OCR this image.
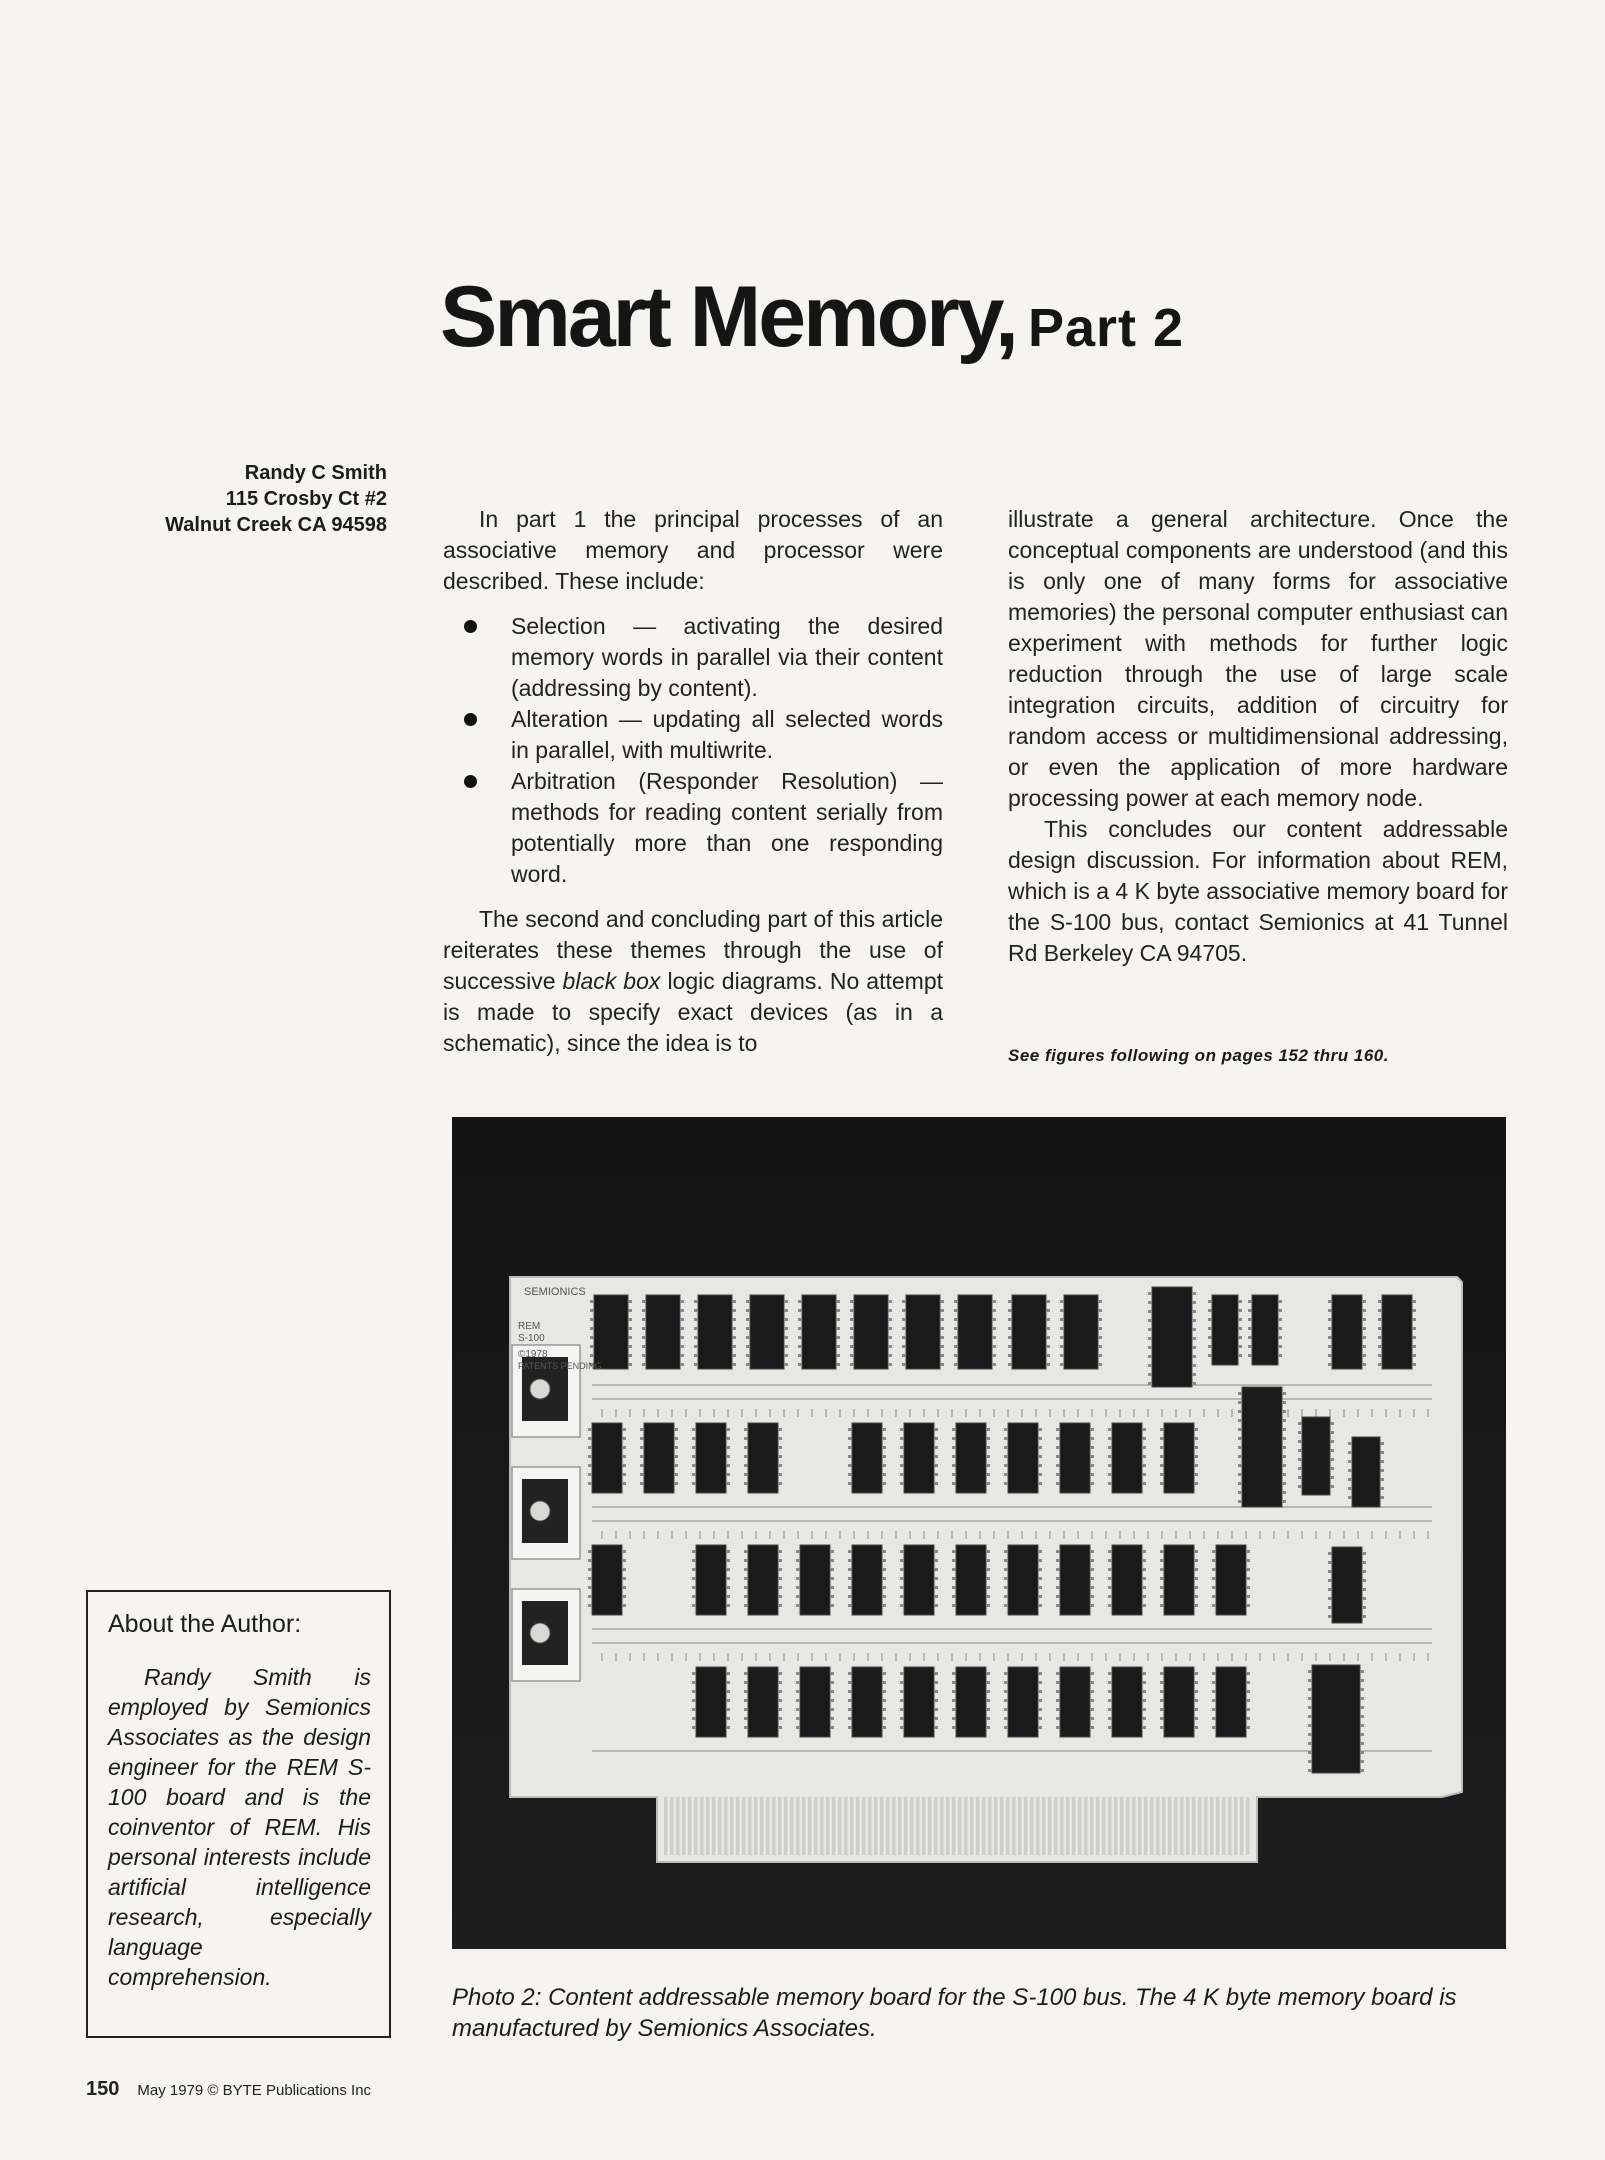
Smart Memory, Part 2
Randy C Smith
115 Crosby Ct #2
Walnut Creek CA 94598	In part 1 the principal processes of an associative memory and processor were described. These include:

Selection — activating the desired memory words in parallel via their content (addressing by content).
Alteration — updating all selected words in parallel, with multiwrite.
Arbitration (Responder Resolution) — methods for reading content serially from potentially more than one responding word.

The second and concluding part of this article reiterates these themes through the use of successive black box logic diagrams. No attempt is made to specify exact devices (as in a schematic), since the idea is to

illustrate a general architecture. Once the conceptual components are understood (and this is only one of many forms for associative memories) the personal computer enthusiast can experiment with methods for further logic reduction through the use of large scale integration circuits, addition of circuitry for random access or multidimensional addressing, or even the application of more hardware processing power at each memory node.

This concludes our content addressable design discussion. For information about REM, which is a 4 K byte associative memory board for the S-100 bus, contact Semionics at 41 Tunnel Rd Berkeley CA 94705.

See figures following on pages 152 thru 160.
SEMIONICS
REM
S-100
©1978
PATENTS PENDING
Photo 2: Content addressable memory board for the S-100 bus. The 4 K byte memory board is manufactured by Semionics Associates.
About the Author:

Randy Smith is employed by Semionics Associates as the design engineer for the REM S-100 board and is the coinventor of REM. His personal interests include artificial intelligence research, especially language comprehension.

150 May 1979 © BYTE Publications Inc
